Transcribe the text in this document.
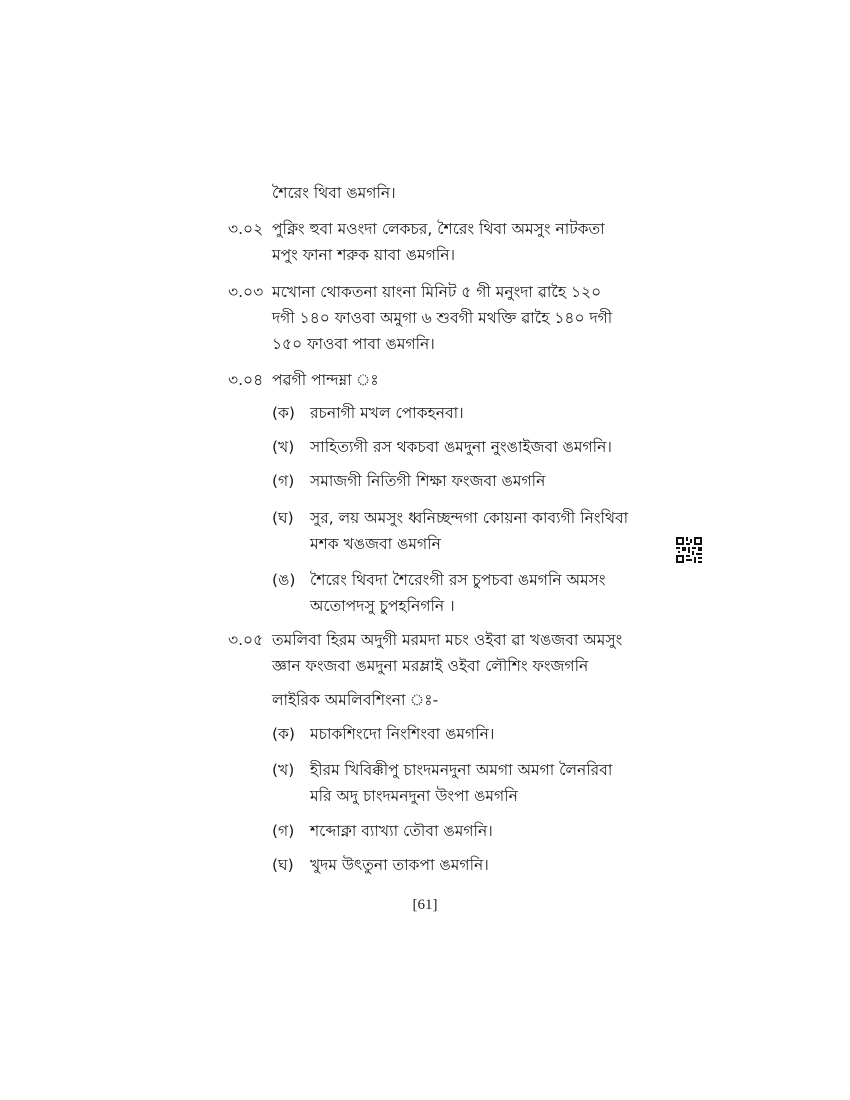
শৈরেং থিবা ঙমগনি।
৩.০২ পুক্নিং হুবা মওংদা লেকচর, শৈরেং থিবা অমসুং নাটকতা
মপুং ফানা শরুক য়াবা ঙমগনি।
৩.০৩ মখোনা থোকতনা য়াংনা মিনিট ৫ গী মনুংদা ৱাহৈ ১২০
দগী ১৪০ ফাওবা অমুগা ৬ শুবগী মথক্তি ৱাহৈ ১৪০ দগী
১৫০ ফাওবা পাবা ঙমগনি।
৩.০৪ পৱগী পান্দম্না ঃ
(ক) রচনাগী মখল পোকহনবা।
(খ) সাহিত্যগী রস থকচবা ঙমদুনা নুংঙাইজবা ঙমগনি।
(গ) সমাজগী নিতিগী শিক্ষা ফংজবা ঙমগনি
(ঘ) সুর, লয় অমসুং ধ্বনিচ্ছন্দগা কোয়না কাব্যগী নিংথিবা
মশক খঙজবা ঙমগনি
(ঙ) শৈরেং থিবদা শৈরেংগী রস চুপচবা ঙমগনি অমসং
অতোপদসু চুপহনিগনি ।
৩.০৫ তমলিবা হিরম অদুগী মরমদা মচং ওইবা ৱা খঙজবা অমসুং
জ্ঞান ফংজবা ঙমদুনা মরম্লাই ওইবা লৌশিং ফংজগনি
লাইরিক অমলিবশিংনা ঃ-
(ক) মচাকশিংদো নিংশিংবা ঙমগনি।
(খ) হীরম খিবিক্কীপু চাংদমনদুনা অমগা অমগা লৈনরিবা
মরি অদু চাংদমনদুনা উংপা ঙমগনি
(গ) শব্দোক্না ব্যাখ্যা তৌবা ঙমগনি।
(ঘ) খুদম উৎতুনা তাকপা ঙমগনি।
[61]
